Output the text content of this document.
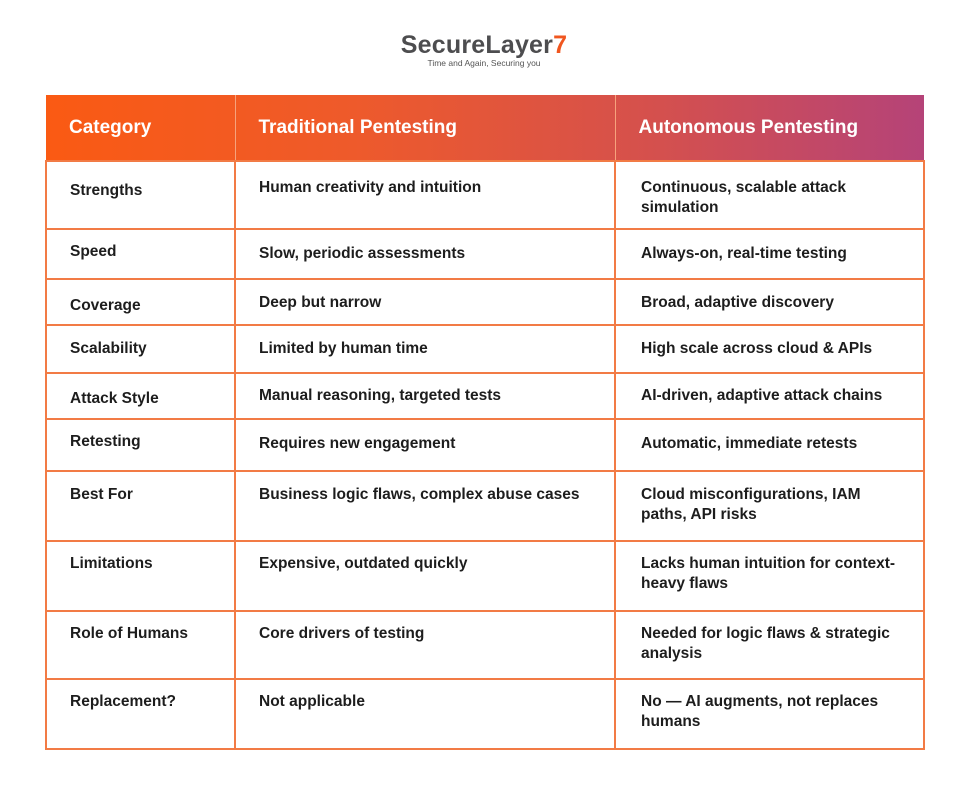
SecureLayer7
Time and Again, Securing you
Category	Traditional Pentesting	Autonomous Pentesting
Strengths	Human creativity and intuition	Continuous, scalable attack simulation
Speed	Slow, periodic assessments	Always-on, real-time testing
Coverage	Deep but narrow	Broad, adaptive discovery
Scalability	Limited by human time	High scale across cloud & APIs
Attack Style	Manual reasoning, targeted tests	AI-driven, adaptive attack chains
Retesting	Requires new engagement	Automatic, immediate retests
Best For	Business logic flaws, complex abuse cases	Cloud misconfigurations, IAM paths, API risks
Limitations	Expensive, outdated quickly	Lacks human intuition for context-heavy flaws
Role of Humans	Core drivers of testing	Needed for logic flaws & strategic analysis
Replacement?	Not applicable	No — AI augments, not replaces humans
